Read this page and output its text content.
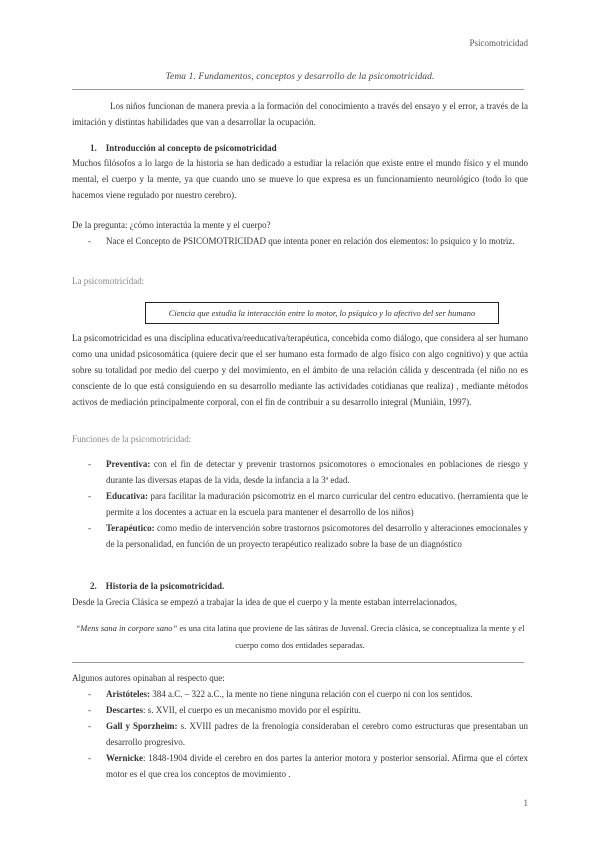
Psicomotricidad
Tema 1. Fundamentos, conceptos y desarrollo de la psicomotricidad.

Los niños funcionan de manera previa a la formación del conocimiento a través del ensayo y el error, a través de la imitación y distintas habilidades que van a desarrollar la ocupación.

1. Introducción al concepto de psicomotricidad

Muchos filósofos a lo largo de la historia se han dedicado a estudiar la relación que existe entre el mundo físico y el mundo mental, el cuerpo y la mente, ya que cuando uno se mueve lo que expresa es un funcionamiento neurológico (todo lo que hacemos viene regulado por nuestro cerebro).

De la pregunta: ¿cómo interactúa la mente y el cuerpo?

-	Nace el Concepto de PSICOMOTRICIDAD que intenta poner en relación dos elementos: lo psíquico y lo motriz.
La psicomotricidad:
Ciencia que estudia la interacción entre lo motor, lo psíquico y lo afectivo del ser humano

La psicomotricidad es una disciplina educativa/reeducativa/terapéutica, concebida como diálogo, que considera al ser humano como una unidad psicosomática (quiere decir que el ser humano esta formado de algo físico con algo cognitivo) y que actúa sobre su totalidad por medio del cuerpo y del movimiento, en el ámbito de una relación cálida y descentrada (el niño no es consciente de lo que está consiguiendo en su desarrollo mediante las actividades cotidianas que realiza) , mediante métodos activos de mediación principalmente corporal, con el fin de contribuir a su desarrollo integral (Muniáin, 1997).

Funciones de la psicomotricidad:
-	Preventiva: con el fin de detectar y prevenir trastornos psicomotores o emocionales en poblaciones de riesgo y durante las diversas etapas de la vida, desde la infancia a la 3ª edad.
-	Educativa: para facilitar la maduración psicomotriz en el marco curricular del centro educativo. (herramienta que le permite a los docentes a actuar en la escuela para mantener el desarrollo de los niños)
-	Terapéutico: como medio de intervención sobre trastornos psicomotores del desarrollo y alteraciones emocionales y de la personalidad, en función de un proyecto terapéutico realizado sobre la base de un diagnóstico
2. Historia de la psicomotricidad.

Desde la Grecia Clásica se empezó a trabajar la idea de que el cuerpo y la mente estaban interrelacionados,

“Mens sana in corpore sano” es una cita latina que proviene de las sátiras de Juvenal. Grecia clásica, se conceptualiza la mente y el cuerpo como dos entidades separadas.

Algunos autores opinaban al respecto que:

-	Aristóteles: 384 a.C. – 322 a.C., la mente no tiene ninguna relación con el cuerpo ni con los sentidos.
-	Descartes: s. XVII, el cuerpo es un mecanismo movido por el espíritu.
-	Gall y Sporzheim: s. XVIII padres de la frenología consideraban el cerebro como estructuras que presentaban un desarrollo progresivo.
-	Wernicke: 1848-1904 divide el cerebro en dos partes la anterior motora y posterior sensorial. Afirma que el córtex motor es el que crea los conceptos de movimiento .
1
